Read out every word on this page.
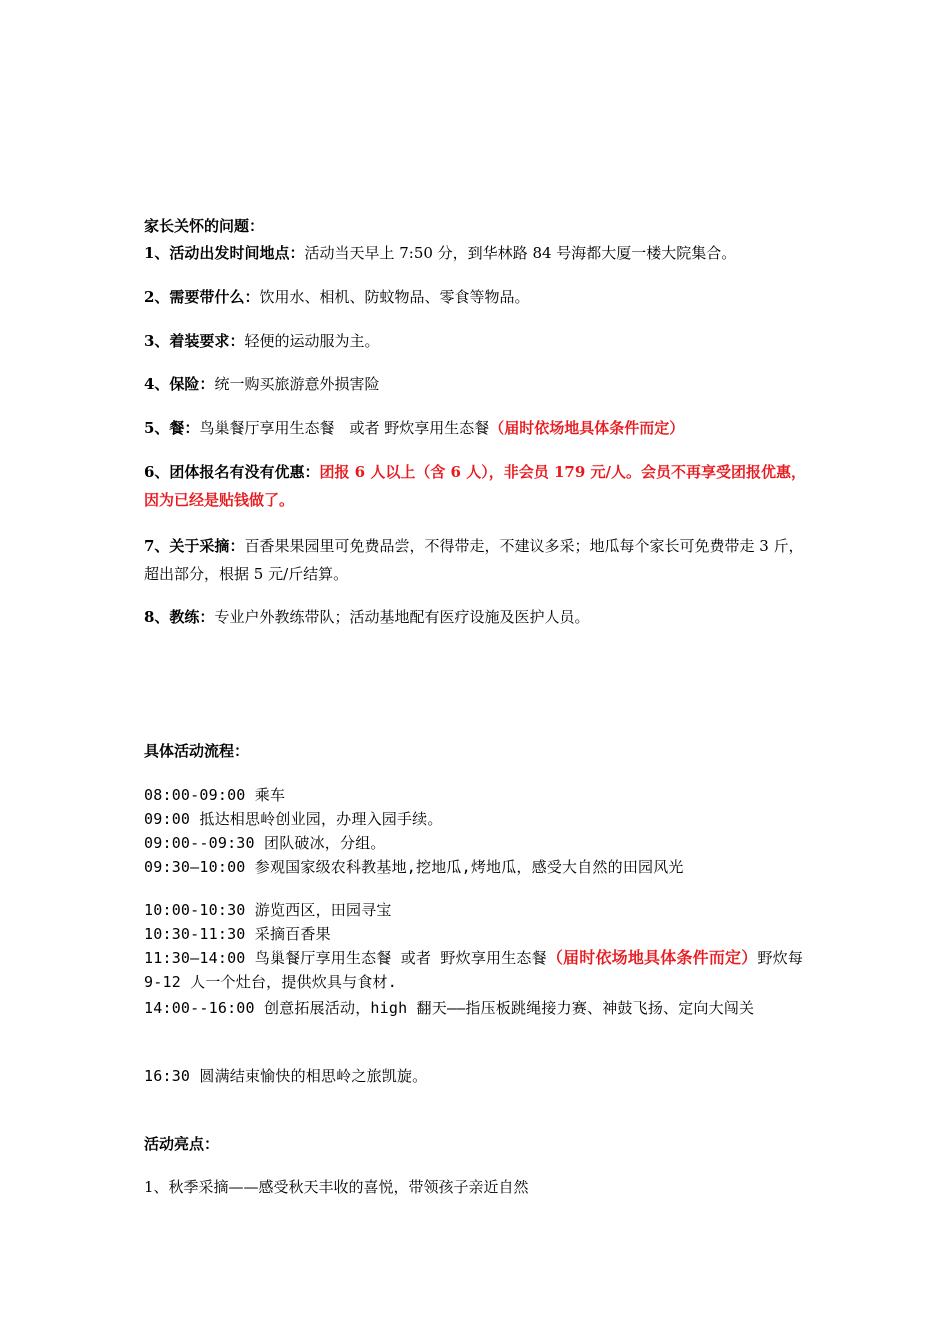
家长关怀的问题：
1、活动出发时间地点：活动当天早上 7:50 分，到华林路 84 号海都大厦一楼大院集合。
2、需要带什么：饮用水、相机、防蚊物品、零食等物品。
3、着装要求：轻便的运动服为主。
4、保险：统一购买旅游意外损害险
5、餐：鸟巢餐厅享用生态餐　或者 野炊享用生态餐（届时依场地具体条件而定）
6、团体报名有没有优惠：团报 6 人以上（含 6 人），非会员 179 元/人。会员不再享受团报优惠，因为已经是贴钱做了。
7、关于采摘：百香果果园里可免费品尝，不得带走，不建议多采；地瓜每个家长可免费带走 3 斤，超出部分，根据 5 元/斤结算。
8、教练：专业户外教练带队；活动基地配有医疗设施及医护人员。
具体活动流程：
08:00-09:00 乘车
09:00 抵达相思岭创业园，办理入园手续。
09:00--09:30 团队破冰，分组。
09:30—10:00 参观国家级农科教基地,挖地瓜,烤地瓜，感受大自然的田园风光
10:00-10:30 游览西区，田园寻宝
10:30-11:30 采摘百香果
11:30—14:00 鸟巢餐厅享用生态餐 或者 野炊享用生态餐（届时依场地具体条件而定）野炊每 9-12 人一个灶台，提供炊具与食材.
14:00--16:00 创意拓展活动，high 翻天——指压板跳绳接力赛、神鼓飞扬、定向大闯关
16:30 圆满结束愉快的相思岭之旅凯旋。
活动亮点：
1、秋季采摘——感受秋天丰收的喜悦，带领孩子亲近自然
